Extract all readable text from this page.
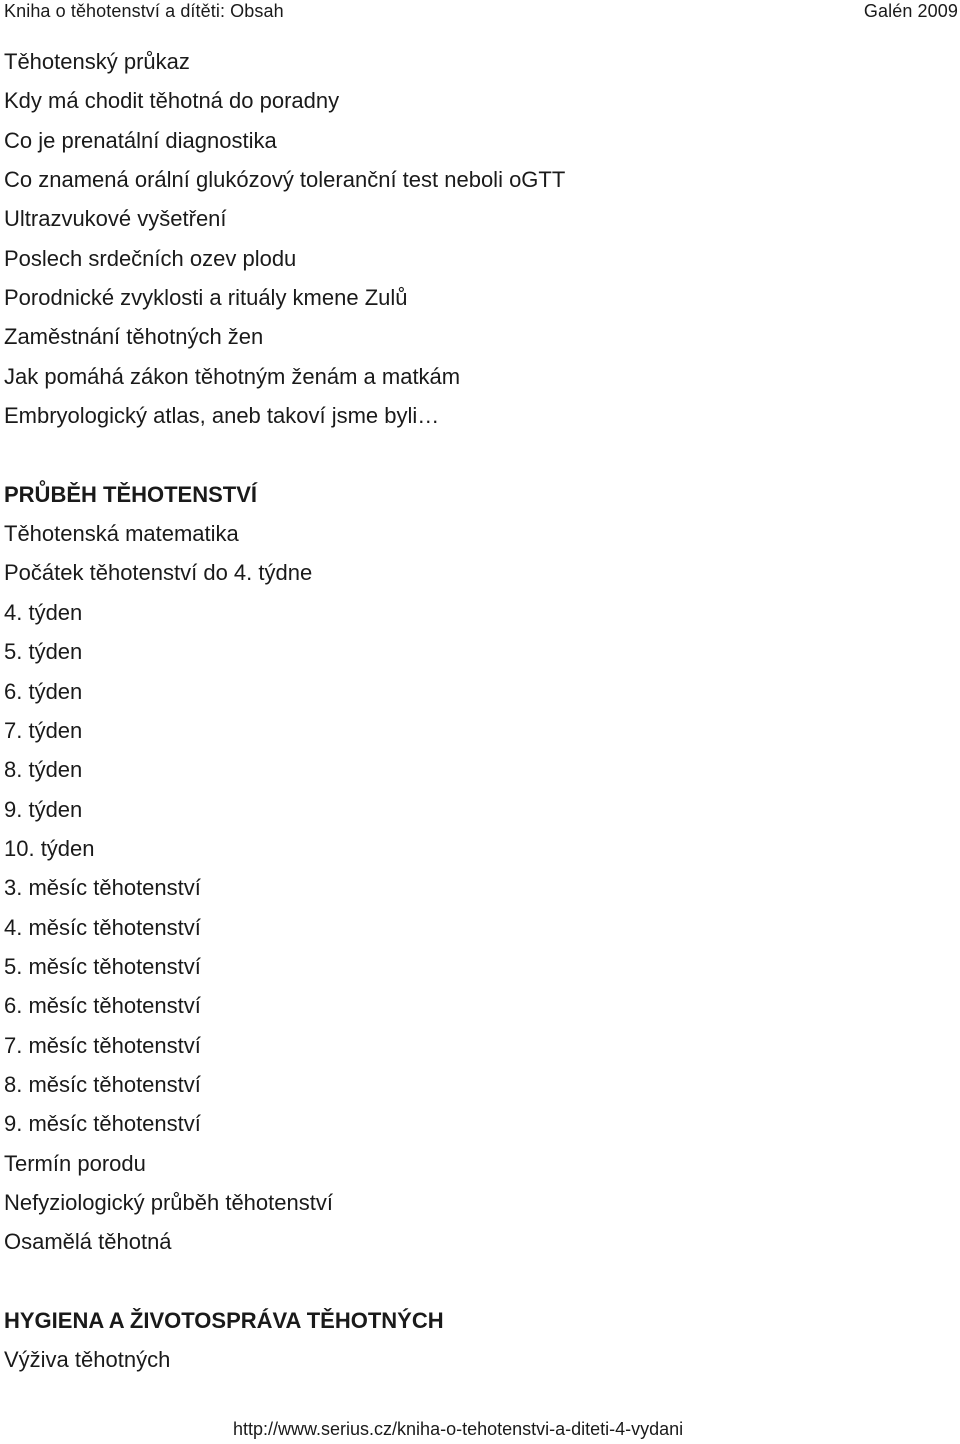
Kniha o těhotenství a dítěti: Obsah	Galén 2009
Těhotenský průkaz
Kdy má chodit těhotná do poradny
Co je prenatální diagnostika
Co znamená orální glukózový toleranční test neboli oGTT
Ultrazvukové vyšetření
Poslech srdečních ozev plodu
Porodnické zvyklosti a rituály kmene Zulů
Zaměstnání těhotných žen
Jak pomáhá zákon těhotným ženám a matkám
Embryologický atlas, aneb takoví jsme byli…
PRŮBĚH TĚHOTENSTVÍ
Těhotenská matematika
Počátek těhotenství do 4. týdne
4. týden
5. týden
6. týden
7. týden
8. týden
9. týden
10. týden
3. měsíc těhotenství
4. měsíc těhotenství
5. měsíc těhotenství
6. měsíc těhotenství
7. měsíc těhotenství
8. měsíc těhotenství
9. měsíc těhotenství
Termín porodu
Nefyziologický průběh těhotenství
Osamělá těhotná
HYGIENA A ŽIVOTOSPRÁVA TĚHOTNÝCH
Výživa těhotných
http://www.serius.cz/kniha-o-tehotenstvi-a-diteti-4-vydani
